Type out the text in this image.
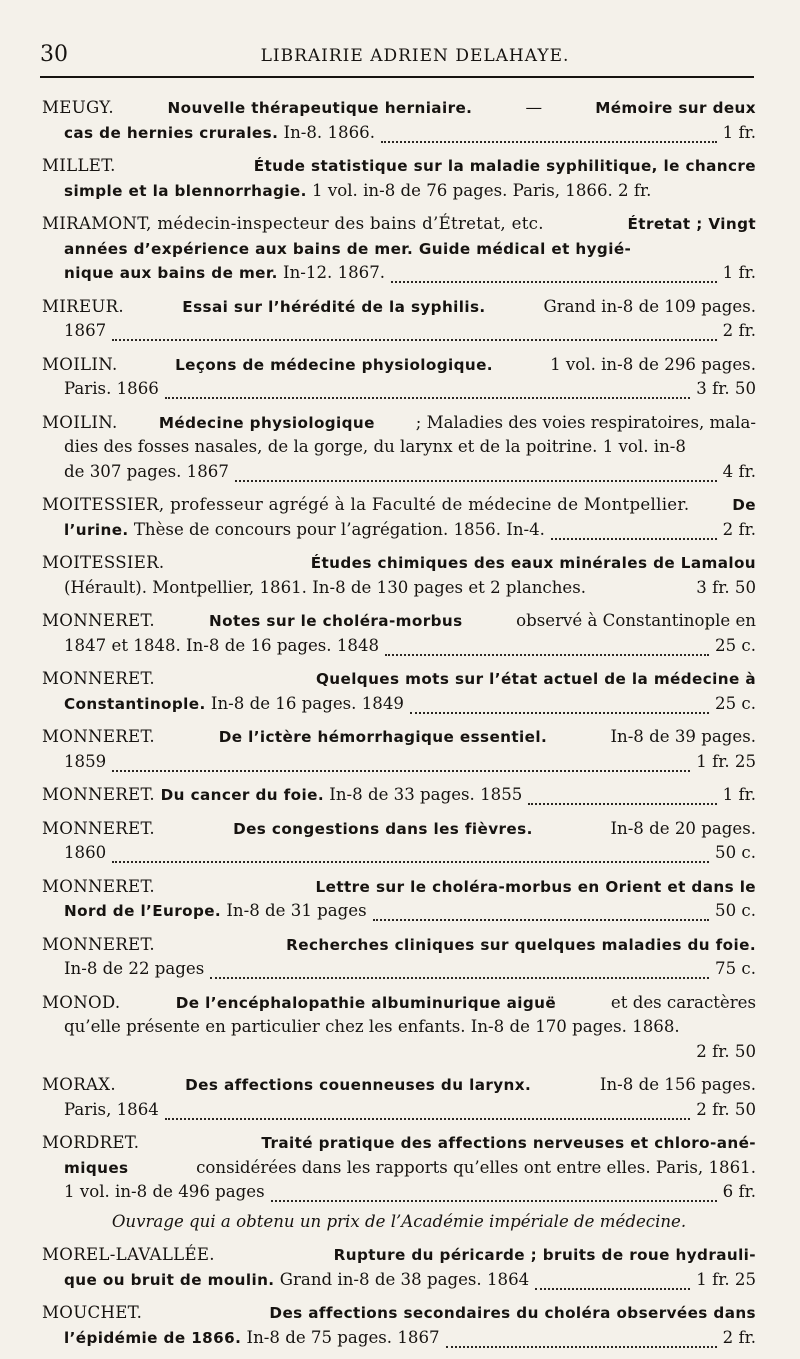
30	LIBRAIRIE ADRIEN DELAHAYE.
MEUGY.	Nouvelle thérapeutique herniaire.	—	Mémoire sur deux
cas de hernies crurales. In-8. 1866.	1 fr.
MILLET.	Étude statistique sur la maladie syphilitique, le chancre
simple et la blennorrhagie. 1 vol. in-8 de 76 pages. Paris, 1866. 2 fr.
MIRAMONT, médecin-inspecteur des bains d’Étretat, etc.	Étretat ; Vingt
années d’expérience aux bains de mer. Guide médical et hygié-
nique aux bains de mer. In-12. 1867.	1 fr.
MIREUR.	Essai sur l’hérédité de la syphilis.	Grand in-8 de 109 pages.
1867	2 fr.
MOILIN.	Leçons de médecine physiologique.	1 vol. in-8 de 296 pages.
Paris. 1866	3 fr. 50
MOILIN. Médecine physiologique ; Maladies des voies respiratoires, mala-
dies des fosses nasales, de la gorge, du larynx et de la poitrine. 1 vol. in-8
de 307 pages. 1867	4 fr.
MOITESSIER, professeur agrégé à la Faculté de médecine de Montpellier. De
l’urine. Thèse de concours pour l’agrégation. 1856. In-4.	2 fr.
MOITESSIER.	Études chimiques des eaux minérales de Lamalou
(Hérault). Montpellier, 1861. In-8 de 130 pages et 2 planches.	3 fr. 50
MONNERET.	Notes sur le choléra-morbus	observé à Constantinople en
1847 et 1848. In-8 de 16 pages. 1848	25 c.
MONNERET.	Quelques mots sur l’état actuel de la médecine à
Constantinople. In-8 de 16 pages. 1849	25 c.
MONNERET.	De l’ictère hémorrhagique essentiel.	In-8 de 39 pages.
1859	1 fr. 25
MONNERET. Du cancer du foie. In-8 de 33 pages. 1855	1 fr.
MONNERET.	Des congestions dans les fièvres.	In-8 de 20 pages.
1860	50 c.
MONNERET.	Lettre sur le choléra-morbus en Orient et dans le
Nord de l’Europe. In-8 de 31 pages	50 c.
MONNERET.	Recherches cliniques sur quelques maladies du foie.
In-8 de 22 pages	75 c.
MONOD.	De l’encéphalopathie albuminurique aiguë	et des caractères
qu’elle présente en particulier chez les enfants. In-8 de 170 pages. 1868.
2 fr. 50
MORAX.	Des affections couenneuses du larynx.	In-8 de 156 pages.
Paris, 1864	2 fr. 50
MORDRET.	Traité pratique des affections nerveuses et chloro-ané-
miques	considérées dans les rapports qu’elles ont entre elles. Paris, 1861.
1 vol. in-8 de 496 pages	6 fr.
Ouvrage qui a obtenu un prix de l’Académie impériale de médecine.
MOREL-LAVALLÉE.	Rupture du péricarde ; bruits de roue hydrauli-
que ou bruit de moulin. Grand in-8 de 38 pages. 1864	1 fr. 25
MOUCHET.	Des affections secondaires du choléra observées dans
l’épidémie de 1866. In-8 de 75 pages. 1867	2 fr.
